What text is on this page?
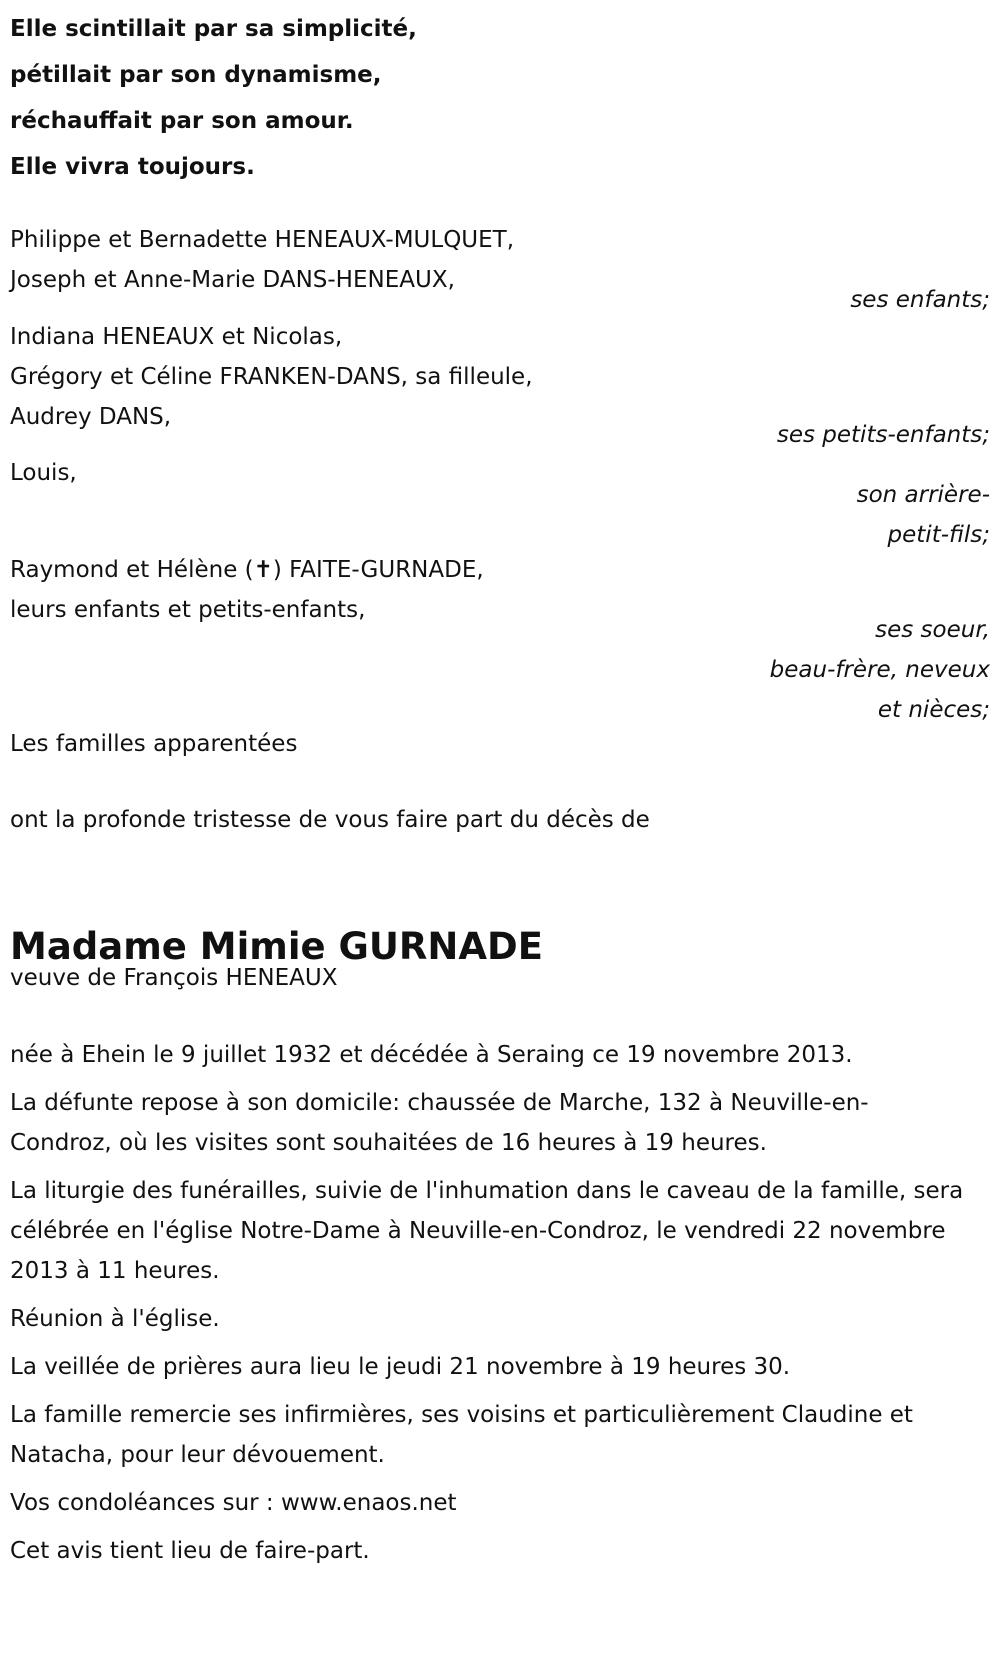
Elle scintillait par sa simplicité,
pétillait par son dynamisme,
réchauffait par son amour.
Elle vivra toujours.
Philippe et Bernadette HENEAUX-MULQUET,
Joseph et Anne-Marie DANS-HENEAUX,
ses enfants;
Indiana HENEAUX et Nicolas,
Grégory et Céline FRANKEN-DANS, sa filleule,
Audrey DANS,
ses petits-enfants;
Louis,
son arrière-
petit-fils;
Raymond et Hélène (✝) FAITE-GURNADE,
leurs enfants et petits-enfants,
ses soeur,
beau-frère, neveux
et nièces;
Les familles apparentées
ont la profonde tristesse de vous faire part du décès de
Madame Mimie GURNADE
veuve de François HENEAUX
née à Ehein le 9 juillet 1932 et décédée à Seraing ce 19 novembre 2013.
La défunte repose à son domicile: chaussée de Marche, 132 à Neuville-en-Condroz, où les visites sont souhaitées de 16 heures à 19 heures.
La liturgie des funérailles, suivie de l'inhumation dans le caveau de la famille, sera célébrée en l'église Notre-Dame à Neuville-en-Condroz, le vendredi 22 novembre 2013 à 11 heures.
Réunion à l'église.
La veillée de prières aura lieu le jeudi 21 novembre à 19 heures 30.
La famille remercie ses infirmières, ses voisins et particulièrement Claudine et Natacha, pour leur dévouement.
Vos condoléances sur : www.enaos.net
Cet avis tient lieu de faire-part.
